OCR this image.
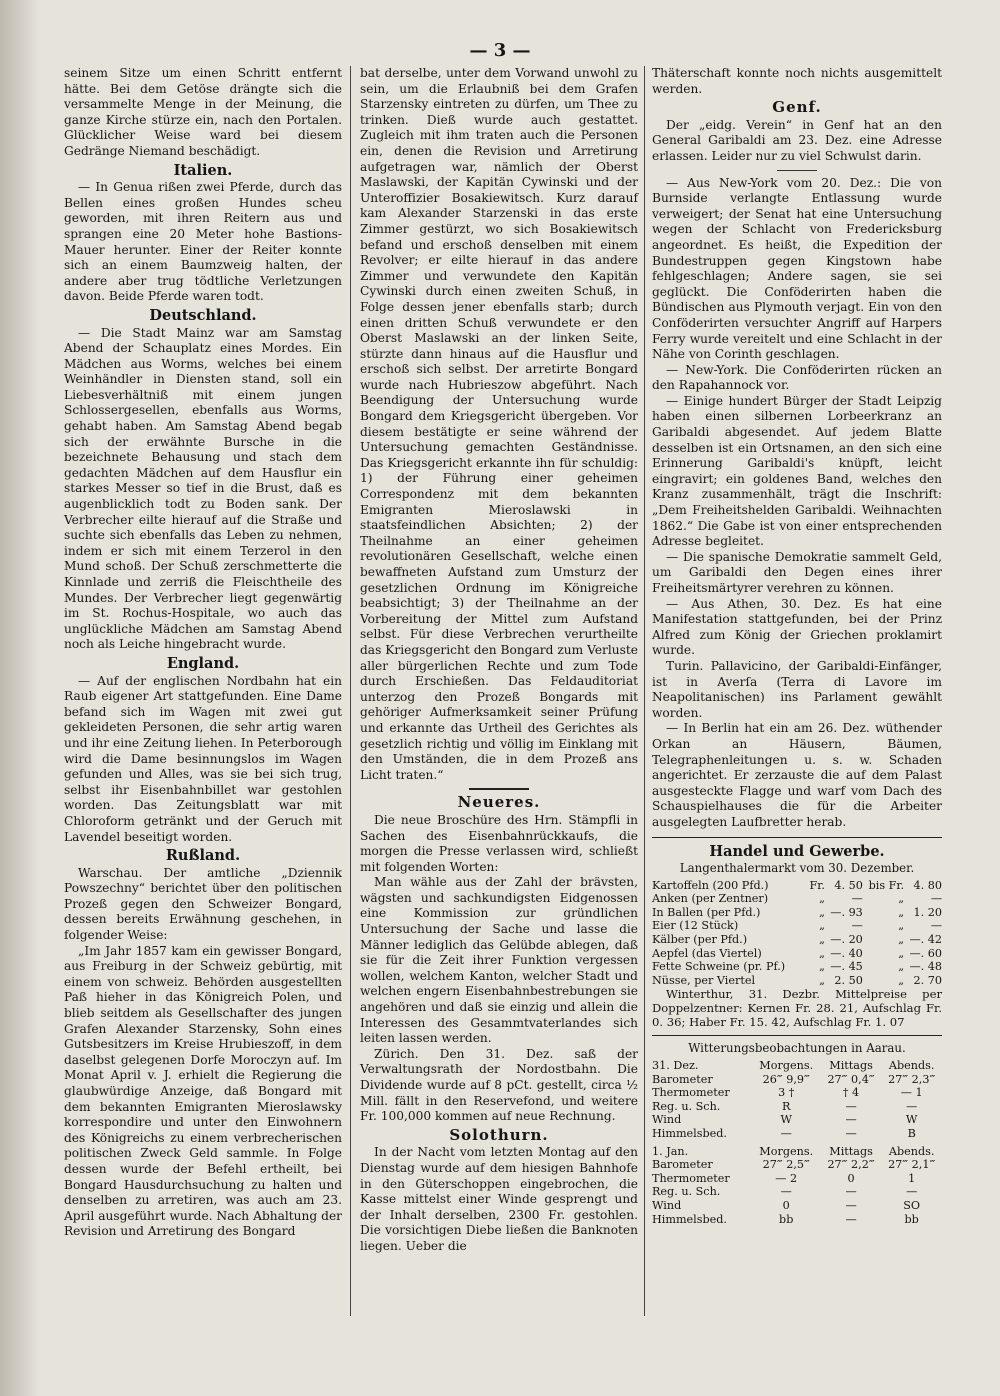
— 3 —

seinem Sitze um einen Schritt entfernt hätte. Bei dem Getöse drängte sich die versammelte Menge in der Meinung, die ganze Kirche stürze ein, nach den Portalen. Glücklicher Weise ward bei diesem Gedränge Niemand beschädigt.

Italien.

— In Genua rißen zwei Pferde, durch das Bellen eines großen Hundes scheu geworden, mit ihren Reitern aus und sprangen eine 20 Meter hohe Bastions-Mauer herunter. Einer der Reiter konnte sich an einem Baumzweig halten, der andere aber trug tödtliche Verletzungen davon. Beide Pferde waren todt.

Deutschland.

— Die Stadt Mainz war am Samstag Abend der Schauplatz eines Mordes. Ein Mädchen aus Worms, welches bei einem Weinhändler in Diensten stand, soll ein Liebesverhältniß mit einem jungen Schlossergesellen, ebenfalls aus Worms, gehabt haben. Am Samstag Abend begab sich der erwähnte Bursche in die bezeichnete Behausung und stach dem gedachten Mädchen auf dem Hausflur ein starkes Messer so tief in die Brust, daß es augenblicklich todt zu Boden sank. Der Verbrecher eilte hierauf auf die Straße und suchte sich ebenfalls das Leben zu nehmen, indem er sich mit einem Terzerol in den Mund schoß. Der Schuß zerschmetterte die Kinnlade und zerriß die Fleischtheile des Mundes. Der Verbrecher liegt gegenwärtig im St. Rochus-Hospitale, wo auch das unglückliche Mädchen am Samstag Abend noch als Leiche hingebracht wurde.

England.

— Auf der englischen Nordbahn hat ein Raub eigener Art stattgefunden. Eine Dame befand sich im Wagen mit zwei gut gekleideten Personen, die sehr artig waren und ihr eine Zeitung liehen. In Peterborough wird die Dame besinnungslos im Wagen gefunden und Alles, was sie bei sich trug, selbst ihr Eisenbahnbillet war gestohlen worden. Das Zeitungsblatt war mit Chloroform getränkt und der Geruch mit Lavendel beseitigt worden.

Rußland.

Warschau. Der amtliche „Dziennik Powszechny“ berichtet über den politischen Prozeß gegen den Schweizer Bongard, dessen bereits Erwähnung geschehen, in folgender Weise:

„Im Jahr 1857 kam ein gewisser Bongard, aus Freiburg in der Schweiz gebürtig, mit einem von schweiz. Behörden ausgestellten Paß hieher in das Königreich Polen, und blieb seitdem als Gesellschafter des jungen Grafen Alexander Starzensky, Sohn eines Gutsbesitzers im Kreise Hrubieszoff, in dem daselbst gelegenen Dorfe Moroczyn auf. Im Monat April v. J. erhielt die Regierung die glaubwürdige Anzeige, daß Bongard mit dem bekannten Emigranten Mieroslawsky korrespondire und unter den Einwohnern des Königreichs zu einem verbrecherischen politischen Zweck Geld sammle. In Folge dessen wurde der Befehl ertheilt, bei Bongard Hausdurchsuchung zu halten und denselben zu arretiren, was auch am 23. April ausgeführt wurde. Nach Abhaltung der Revision und Arretirung des Bongard

bat derselbe, unter dem Vorwand unwohl zu sein, um die Erlaubniß bei dem Grafen Starzensky eintreten zu dürfen, um Thee zu trinken. Dieß wurde auch gestattet. Zugleich mit ihm traten auch die Personen ein, denen die Revision und Arretirung aufgetragen war, nämlich der Oberst Maslawski, der Kapitän Cywinski und der Unteroffizier Bosakiewitsch. Kurz darauf kam Alexander Starzenski in das erste Zimmer gestürzt, wo sich Bosakiewitsch befand und erschoß denselben mit einem Revolver; er eilte hierauf in das andere Zimmer und verwundete den Kapitän Cywinski durch einen zweiten Schuß, in Folge dessen jener ebenfalls starb; durch einen dritten Schuß verwundete er den Oberst Maslawski an der linken Seite, stürzte dann hinaus auf die Hausflur und erschoß sich selbst. Der arretirte Bongard wurde nach Hubrieszow abgeführt. Nach Beendigung der Untersuchung wurde Bongard dem Kriegsgericht übergeben. Vor diesem bestätigte er seine während der Untersuchung gemachten Geständnisse. Das Kriegsgericht erkannte ihn für schuldig: 1) der Führung einer geheimen Correspondenz mit dem bekannten Emigranten Mieroslawski in staatsfeindlichen Absichten; 2) der Theilnahme an einer geheimen revolutionären Gesellschaft, welche einen bewaffneten Aufstand zum Umsturz der gesetzlichen Ordnung im Königreiche beabsichtigt; 3) der Theilnahme an der Vorbereitung der Mittel zum Aufstand selbst. Für diese Verbrechen verurtheilte das Kriegsgericht den Bongard zum Verluste aller bürgerlichen Rechte und zum Tode durch Erschießen. Das Feldauditoriat unterzog den Prozeß Bongards mit gehöriger Aufmerksamkeit seiner Prüfung und erkannte das Urtheil des Gerichtes als gesetzlich richtig und völlig im Einklang mit den Umständen, die in dem Prozeß ans Licht traten.“

Neueres.

Die neue Broschüre des Hrn. Stämpfli in Sachen des Eisenbahnrückkaufs, die morgen die Presse verlassen wird, schließt mit folgenden Worten:

Man wähle aus der Zahl der brävsten, wägsten und sachkundigsten Eidgenossen eine Kommission zur gründlichen Untersuchung der Sache und lasse die Männer lediglich das Gelübde ablegen, daß sie für die Zeit ihrer Funktion vergessen wollen, welchem Kanton, welcher Stadt und welchen engern Eisenbahnbestrebungen sie angehören und daß sie einzig und allein die Interessen des Gesammtvaterlandes sich leiten lassen werden.

Zürich. Den 31. Dez. saß der Verwaltungsrath der Nordostbahn. Die Dividende wurde auf 8 pCt. gestellt, circa ½ Mill. fällt in den Reservefond, und weitere Fr. 100,000 kommen auf neue Rechnung.

Solothurn.

In der Nacht vom letzten Montag auf den Dienstag wurde auf dem hiesigen Bahnhofe in den Güterschoppen eingebrochen, die Kasse mittelst einer Winde gesprengt und der Inhalt derselben, 2300 Fr. gestohlen. Die vorsichtigen Diebe ließen die Banknoten liegen. Ueber die

Thäterschaft konnte noch nichts ausgemittelt werden.

Genf.

Der „eidg. Verein“ in Genf hat an den General Garibaldi am 23. Dez. eine Adresse erlassen. Leider nur zu viel Schwulst darin.

— Aus New-York vom 20. Dez.: Die von Burnside verlangte Entlassung wurde verweigert; der Senat hat eine Untersuchung wegen der Schlacht von Fredericksburg angeordnet. Es heißt, die Expedition der Bundestruppen gegen Kingstown habe fehlgeschlagen; Andere sagen, sie sei geglückt. Die Conföderirten haben die Bündischen aus Plymouth verjagt. Ein von den Conföderirten versuchter Angriff auf Harpers Ferry wurde vereitelt und eine Schlacht in der Nähe von Corinth geschlagen.

— New-York. Die Conföderirten rücken an den Rapahannock vor.

— Einige hundert Bürger der Stadt Leipzig haben einen silbernen Lorbeerkranz an Garibaldi abgesendet. Auf jedem Blatte desselben ist ein Ortsnamen, an den sich eine Erinnerung Garibaldi's knüpft, leicht eingravirt; ein goldenes Band, welches den Kranz zusammenhält, trägt die Inschrift: „Dem Freiheitshelden Garibaldi. Weihnachten 1862.“ Die Gabe ist von einer entsprechenden Adresse begleitet.

— Die spanische Demokratie sammelt Geld, um Garibaldi den Degen eines ihrer Freiheitsmärtyrer verehren zu können.

— Aus Athen, 30. Dez. Es hat eine Manifestation stattgefunden, bei der Prinz Alfred zum König der Griechen proklamirt wurde.

Turin. Pallavicino, der Garibaldi-Einfänger, ist in Averſa (Terra di Lavore im Neapolitanischen) ins Parlament gewählt worden.

— In Berlin hat ein am 26. Dez. wüthender Orkan an Häusern, Bäumen, Telegraphenleitungen u. s. w. Schaden angerichtet. Er zerzauste die auf dem Palast ausgesteckte Flagge und warf vom Dach des Schauspielhauses die für die Arbeiter ausgelegten Laufbretter herab.

Handel und Gewerbe.
Langenthalermarkt vom 30. Dezember.
Kartoffeln (200 Pfd.)	Fr.	4. 50	bis Fr.	4. 80
Anken (per Zentner)	„	—	„	—
In Ballen (per Pfd.)	„	—. 93	„	1. 20
Eier (12 Stück)	„	—	„	—
Kälber (per Pfd.)	„	—. 20	„	—. 42
Aepfel (das Viertel)	„	—. 40	„	—. 60
Fette Schweine (pr. Pf.)	„	—. 45	„	—. 48
Nüsse, per Viertel	„	2. 50	„	2. 70

Winterthur, 31. Dezbr. Mittelpreise per Doppelzentner: Kernen Fr. 28. 21, Aufschlag Fr. 0. 36; Haber Fr. 15. 42, Aufschlag Fr. 1. 07

Witterungsbeobachtungen in Aarau.
31. Dez.	Morgens.	Mittags	Abends.
Barometer	26‴ 9,9‴	27‴ 0,4‴	27‴ 2,3‴
Thermometer	3 †	† 4	— 1
Reg. u. Sch.	R	—	—
Wind	W	—	W
Himmelsbed.	—	—	B
1. Jan.	Morgens.	Mittags	Abends.
Barometer	27‴ 2,5‴	27‴ 2,2‴	27‴ 2,1‴
Thermometer	— 2	0	1
Reg. u. Sch.	—	—	—
Wind	0	—	SO
Himmelsbed.	bb	—	bb
